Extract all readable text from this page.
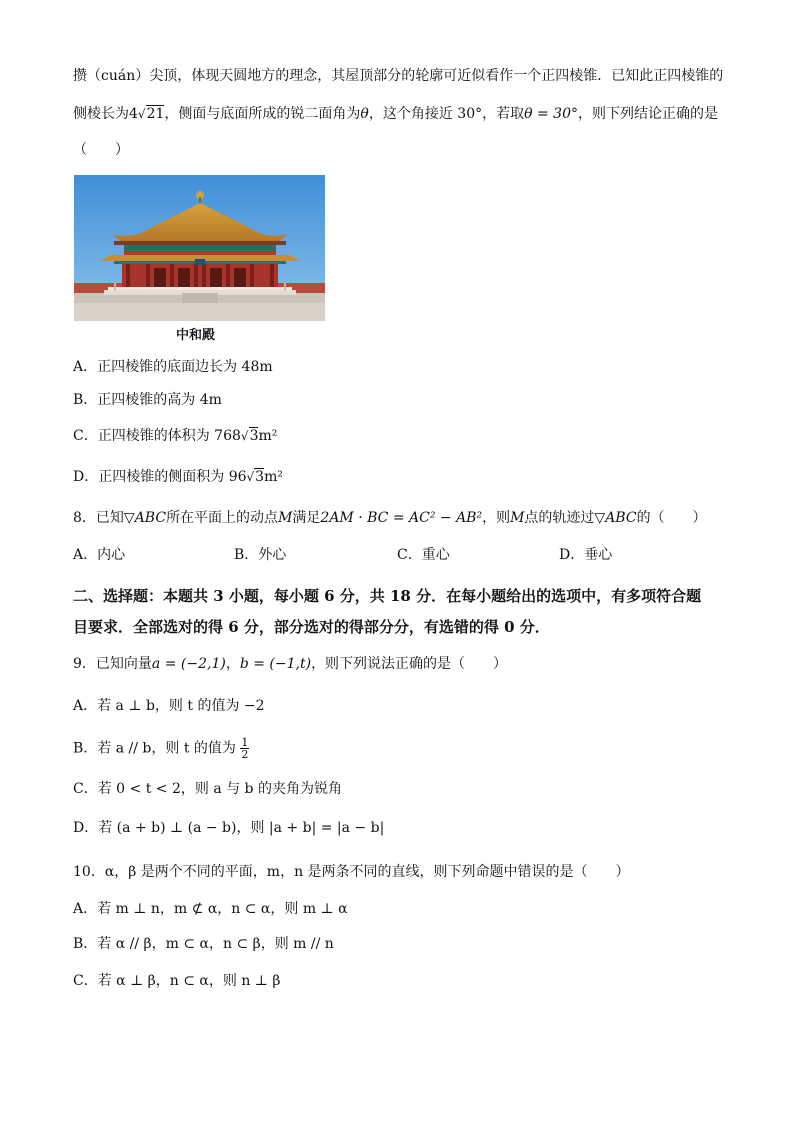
攒（cuán）尖顶，体现天圆地方的理念，其屋顶部分的轮廓可近似看作一个正四棱锥．已知此正四棱锥的
侧棱长为4√21，侧面与底面所成的锐二面角为θ，这个角接近 30°，若取θ = 30°，则下列结论正确的是
（　　）
中和殿
A．正四棱锥的底面边长为 48m
B．正四棱锥的高为 4m
C．正四棱锥的体积为 768√3m²
D．正四棱锥的侧面积为 96√3m²
8．已知▽ABC所在平面上的动点M满足2AM · BC = AC² − AB²，则M点的轨迹过▽ABC的（　　）
A．内心	B．外心	C．重心	D．垂心
二、选择题：本题共 3 小题，每小题 6 分，共 18 分．在每小题给出的选项中，有多项符合题
目要求．全部选对的得 6 分，部分选对的得部分分，有选错的得 0 分．
9．已知向量a = (−2,1)，b = (−1,t)，则下列说法正确的是（　　）
A．若 a ⊥ b，则 t 的值为 −2
B．若 a // b，则 t 的值为 $\frac{1}{2}$
C．若 0 < t < 2，则 a 与 b 的夹角为锐角
D．若 (a + b) ⊥ (a − b)，则 |a + b| = |a − b|
10．α，β 是两个不同的平面，m，n 是两条不同的直线，则下列命题中错误的是（　　）
A．若 m ⊥ n，m ⊄ α，n ⊂ α，则 m ⊥ α
B．若 α // β，m ⊂ α，n ⊂ β，则 m // n
C．若 α ⊥ β，n ⊂ α，则 n ⊥ β
